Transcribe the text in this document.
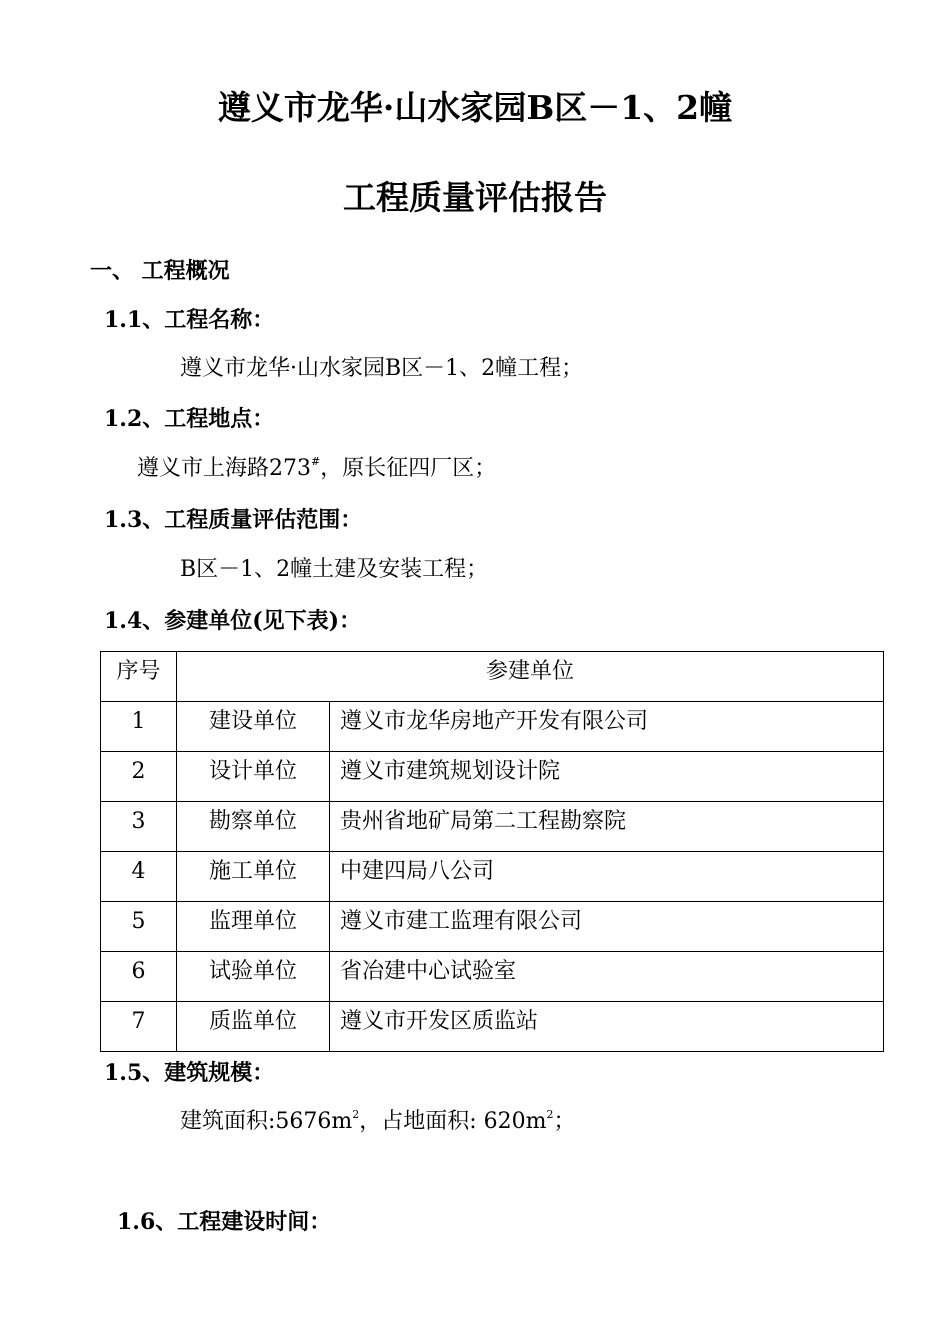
遵义市龙华·山水家园B区－1、2幢
工程质量评估报告
一、 工程概况
1.1、工程名称：
遵义市龙华·山水家园B区－1、2幢工程；
1.2、工程地点：
遵义市上海路273#，原长征四厂区；
1.3、工程质量评估范围：
B区－1、2幢土建及安装工程；
1.4、参建单位(见下表)：
序号	参建单位	
1	建设单位	遵义市龙华房地产开发有限公司
2	设计单位	遵义市建筑规划设计院
3	勘察单位	贵州省地矿局第二工程勘察院
4	施工单位	中建四局八公司
5	监理单位	遵义市建工监理有限公司
6	试验单位	省冶建中心试验室
7	质监单位	遵义市开发区质监站
1.5、建筑规模：
建筑面积$:5676m^2$，占地面积: $620m^2$；
1.6、工程建设时间：
